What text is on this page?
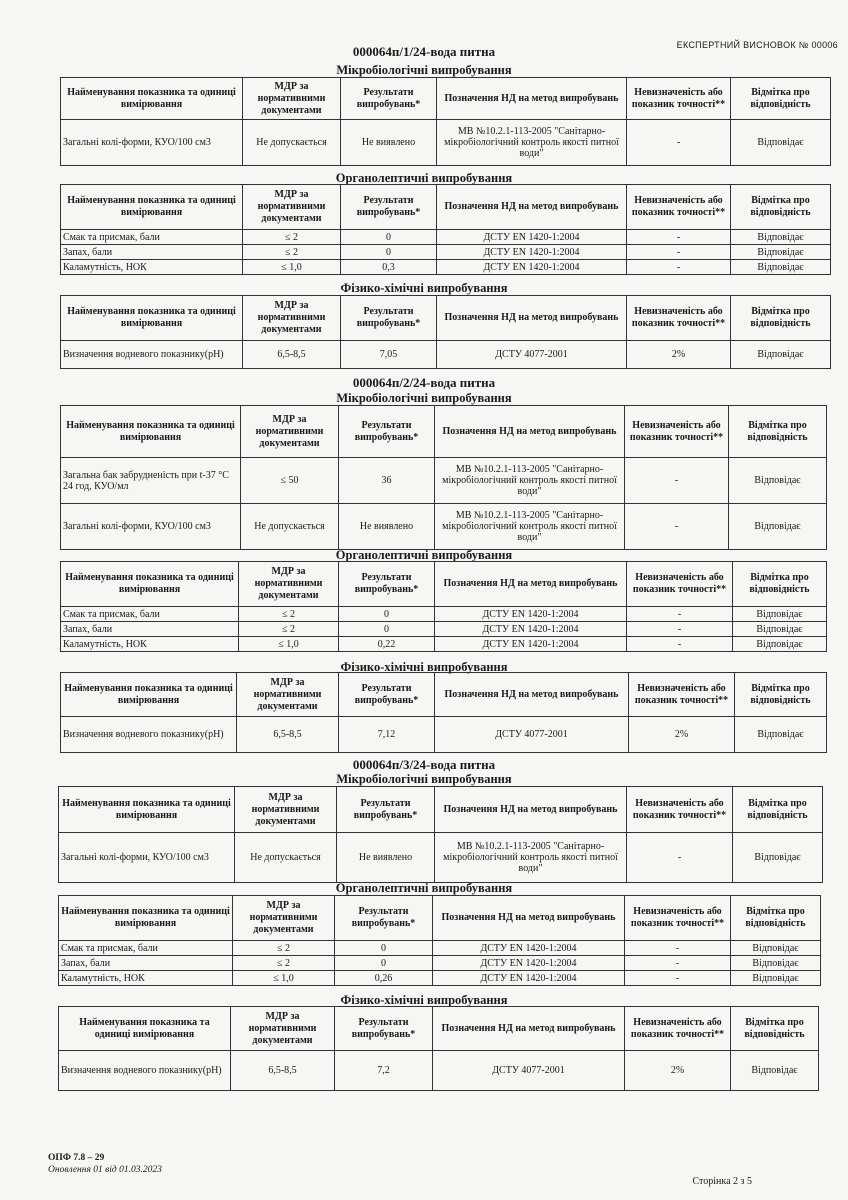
ЕКСПЕРТНИЙ ВИСНОВОК № 00006
000064п/1/24-вода питна
Мікробіологічні випробування
Найменування показника та одиниці вимірювання	МДР за нормативними документами	Результати випробувань*	Позначення НД на метод випробувань	Невизначеність або показник точності**	Відмітка про відповідність
Загальні колі-форми, КУО/100 см3	Не допускається	Не виявлено	МВ №10.2.1-113-2005 "Санітарно-мікробіологічний контроль якості питної води"	-	Відповідає
Органолептичні випробування
Найменування показника та одиниці вимірювання	МДР за нормативними документами	Результати випробувань*	Позначення НД на метод випробувань	Невизначеність або показник точності**	Відмітка про відповідність
Смак та присмак, бали	≤ 2	0	ДСТУ EN 1420-1:2004	-	Відповідає
Запах, бали	≤ 2	0	ДСТУ EN 1420-1:2004	-	Відповідає
Каламутність, НОК	≤ 1,0	0,3	ДСТУ EN 1420-1:2004	-	Відповідає
Фізико-хімічні випробування
Найменування показника та одиниці вимірювання	МДР за нормативними документами	Результати випробувань*	Позначення НД на метод випробувань	Невизначеність або показник точності**	Відмітка про відповідність
Визначення водневого показнику(pH)	6,5-8,5	7,05	ДСТУ 4077-2001	2%	Відповідає
000064п/2/24-вода питна
Мікробіологічні випробування
Найменування показника та одиниці вимірювання	МДР за нормативними документами	Результати випробувань*	Позначення НД на метод випробувань	Невизначеність або показник точності**	Відмітка про відповідність
Загальна бак забрудненість при t-37 °C 24 год, КУО/мл	≤ 50	36	МВ №10.2.1-113-2005 "Санітарно-мікробіологічний контроль якості питної води"	-	Відповідає
Загальні колі-форми, КУО/100 см3	Не допускається	Не виявлено	МВ №10.2.1-113-2005 "Санітарно-мікробіологічний контроль якості питної води"	-	Відповідає
Органолептичні випробування
Найменування показника та одиниці вимірювання	МДР за нормативними документами	Результати випробувань*	Позначення НД на метод випробувань	Невизначеність або показник точності**	Відмітка про відповідність
Смак та присмак, бали	≤ 2	0	ДСТУ EN 1420-1:2004	-	Відповідає
Запах, бали	≤ 2	0	ДСТУ EN 1420-1:2004	-	Відповідає
Каламутність, НОК	≤ 1,0	0,22	ДСТУ EN 1420-1:2004	-	Відповідає
Фізико-хімічні випробування
Найменування показника та одиниці вимірювання	МДР за нормативними документами	Результати випробувань*	Позначення НД на метод випробувань	Невизначеність або показник точності**	Відмітка про відповідність
Визначення водневого показнику(pH)	6,5-8,5	7,12	ДСТУ 4077-2001	2%	Відповідає
000064п/3/24-вода питна
Мікробіологічні випробування
Найменування показника та одиниці вимірювання	МДР за нормативними документами	Результати випробувань*	Позначення НД на метод випробувань	Невизначеність або показник точності**	Відмітка про відповідність
Загальні колі-форми, КУО/100 см3	Не допускається	Не виявлено	МВ №10.2.1-113-2005 "Санітарно-мікробіологічний контроль якості питної води"	-	Відповідає
Органолептичні випробування
Найменування показника та одиниці вимірювання	МДР за нормативними документами	Результати випробувань*	Позначення НД на метод випробувань	Невизначеність або показник точності**	Відмітка про відповідність
Смак та присмак, бали	≤ 2	0	ДСТУ EN 1420-1:2004	-	Відповідає
Запах, бали	≤ 2	0	ДСТУ EN 1420-1:2004	-	Відповідає
Каламутність, НОК	≤ 1,0	0,26	ДСТУ EN 1420-1:2004	-	Відповідає
Фізико-хімічні випробування
Найменування показника та одиниці вимірювання	МДР за нормативними документами	Результати випробувань*	Позначення НД на метод випробувань	Невизначеність або показник точності**	Відмітка про відповідність
Визначення водневого показнику(pH)	6,5-8,5	7,2	ДСТУ 4077-2001	2%	Відповідає
ОПФ 7.8 – 29
Оновлення 01 від 01.03.2023
Сторінка 2 з 5
